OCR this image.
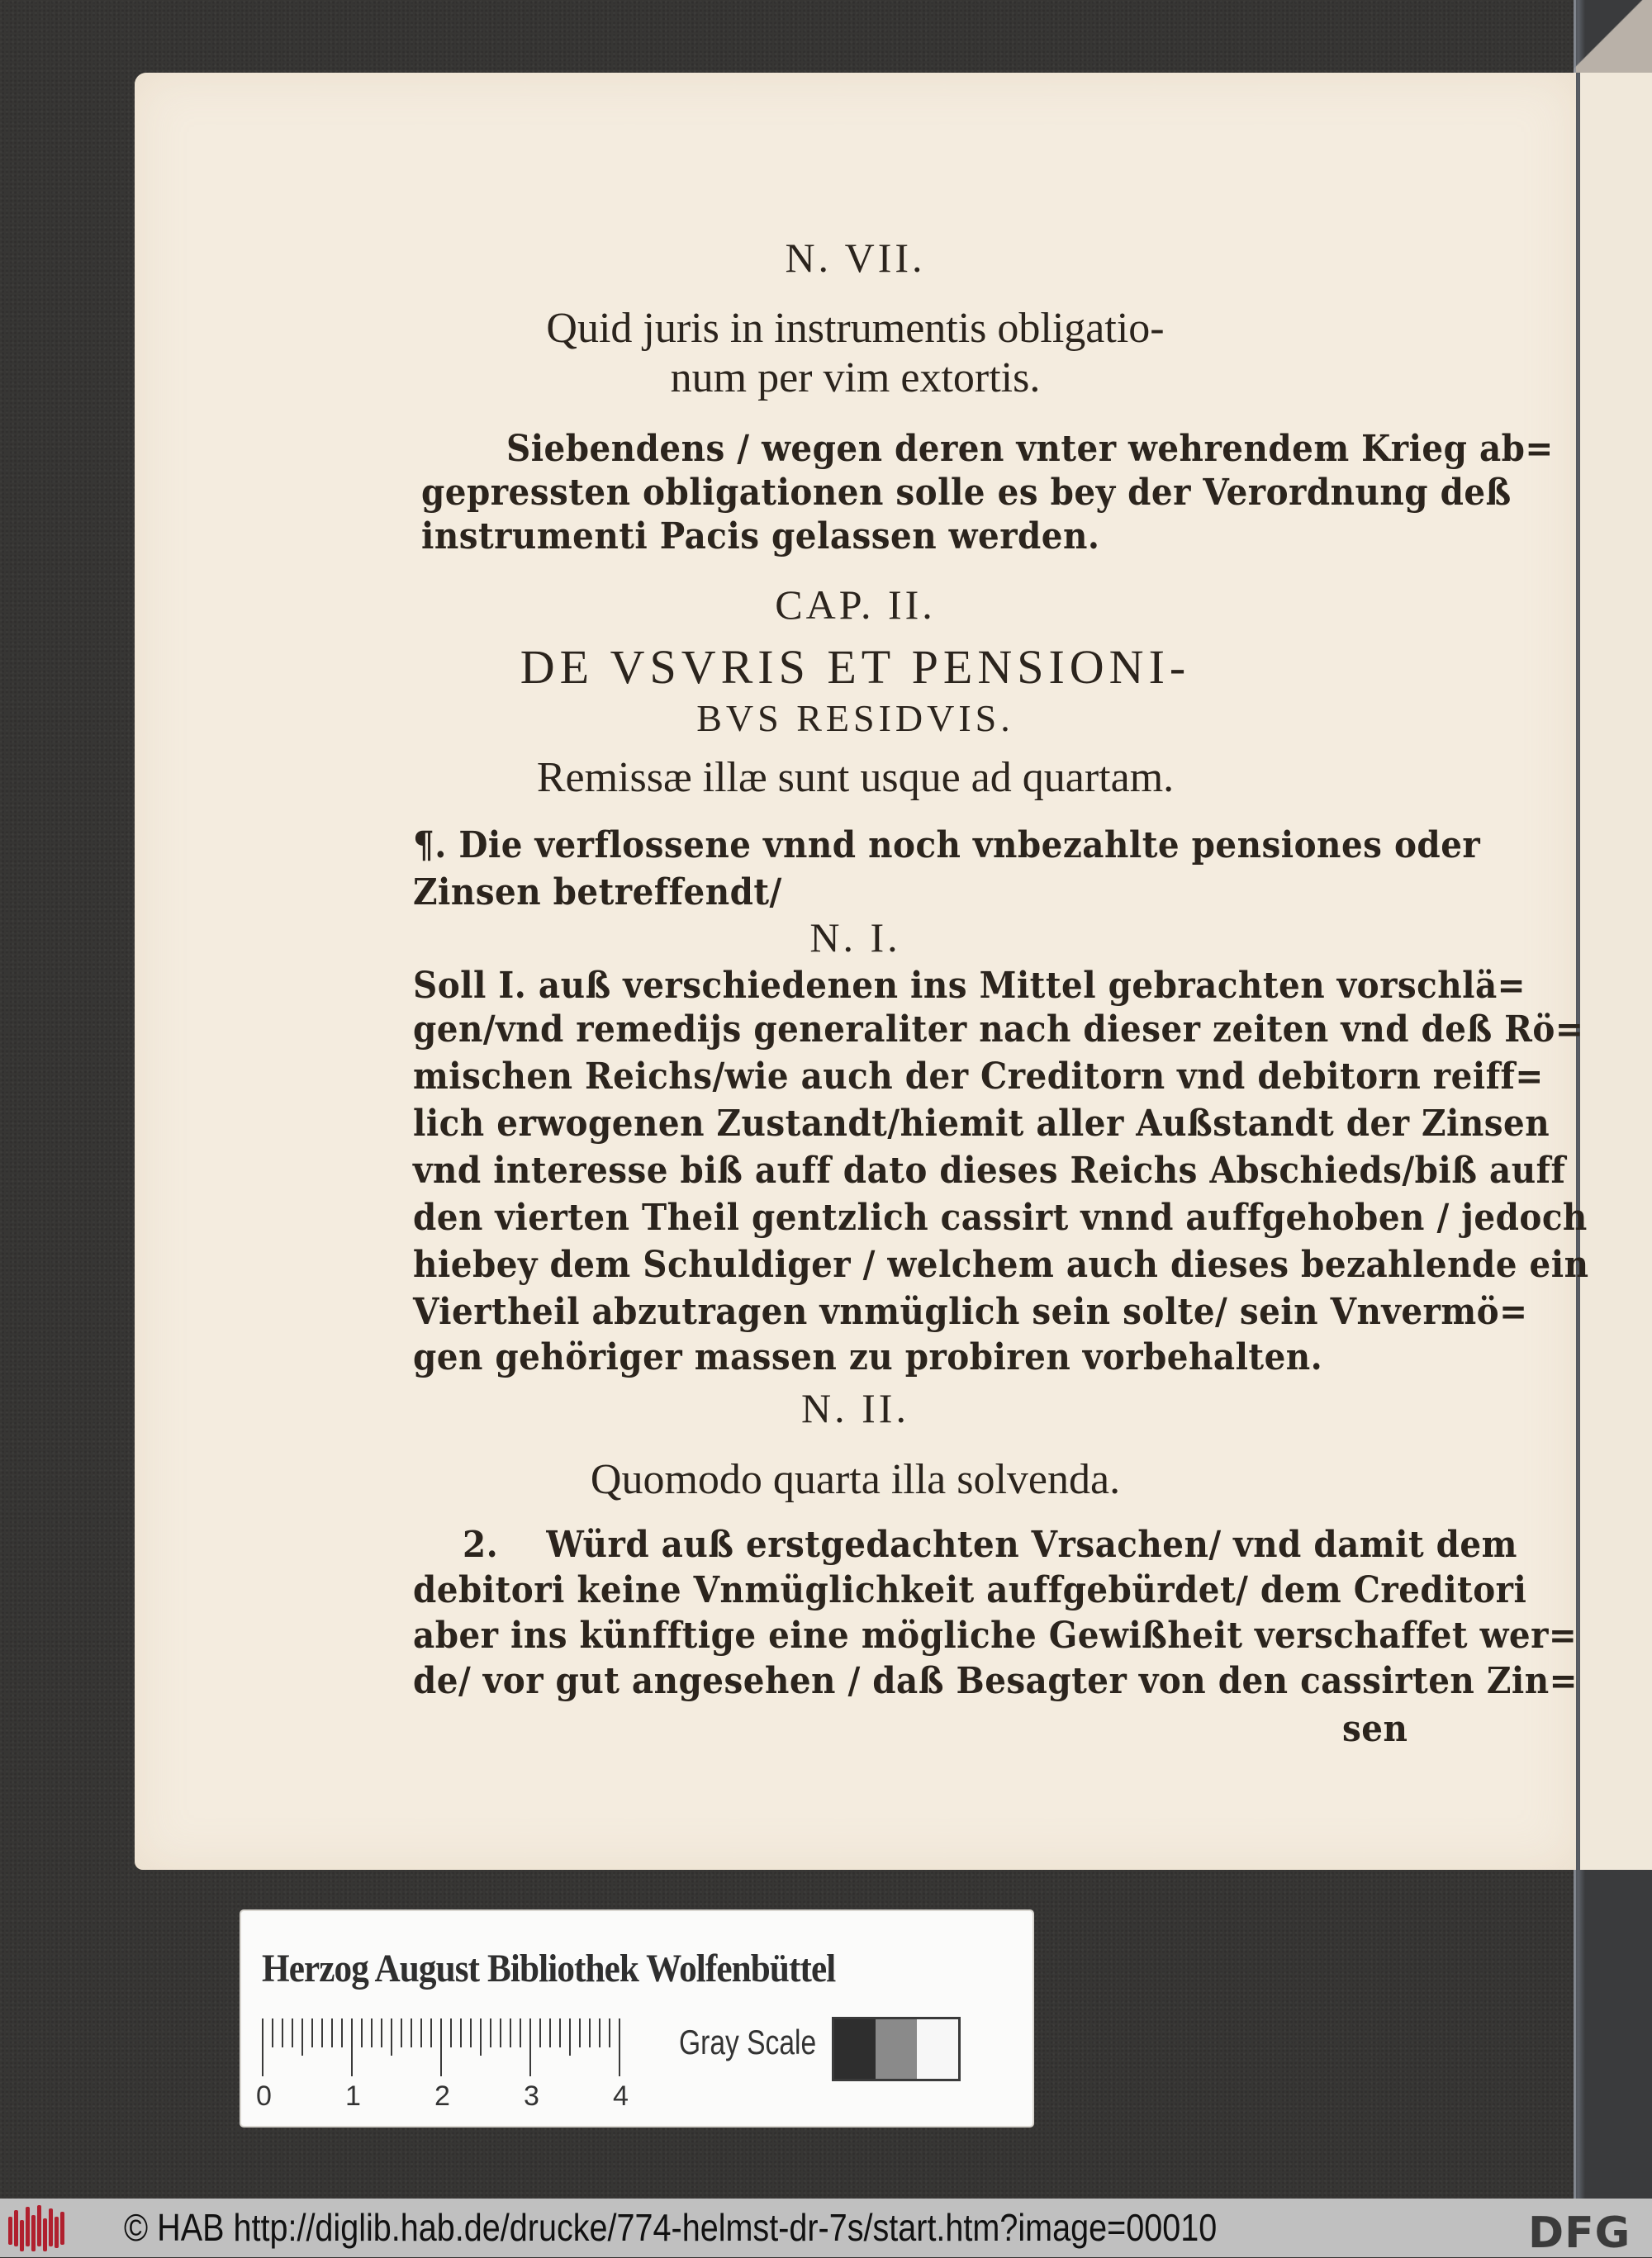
N. VII.
Quid juris in instrumentis obligatio-
num per vim extortis.
Siebendens / wegen deren vnter wehrendem Krieg ab=
gepressten obligationen solle es bey der Verordnung deß
instrumenti Pacis gelassen werden.
CAP. II.
DE VSVRIS ET PENSIONI-
BVS RESIDVIS.
Remissæ illæ sunt usque ad quartam.
¶. Die verflossene vnnd noch vnbezahlte pensiones oder
Zinsen betreffendt/
N. I.
Soll I. auß verschiedenen ins Mittel gebrachten vorschlä=
gen/vnd remedijs generaliter nach dieser zeiten vnd deß Rö=
mischen Reichs/wie auch der Creditorn vnd debitorn reiff=
lich erwogenen Zustandt/hiemit aller Außstandt der Zinsen
vnd interesse biß auff dato dieses Reichs Abschieds/biß auff
den vierten Theil gentzlich cassirt vnnd auffgehoben / jedoch
hiebey dem Schuldiger / welchem auch dieses bezahlende ein
Viertheil abzutragen vnmüglich sein solte/ sein Vnvermö=
gen gehöriger massen zu probiren vorbehalten.
N. II.
Quomodo quarta illa solvenda.
2.    Würd auß erstgedachten Vrsachen/ vnd damit dem
debitori keine Vnmüglichkeit auffgebürdet/ dem Creditori
aber ins künfftige eine mögliche Gewißheit verschaffet wer=
de/ vor gut angesehen / daß Besagter von den cassirten Zin=
sen
Herzog August Bibliothek Wolfenbüttel
0	1	2	3	4
Gray Scale
© HAB http://diglib.hab.de/drucke/774-helmst-dr-7s/start.htm?image=00010	DFG
